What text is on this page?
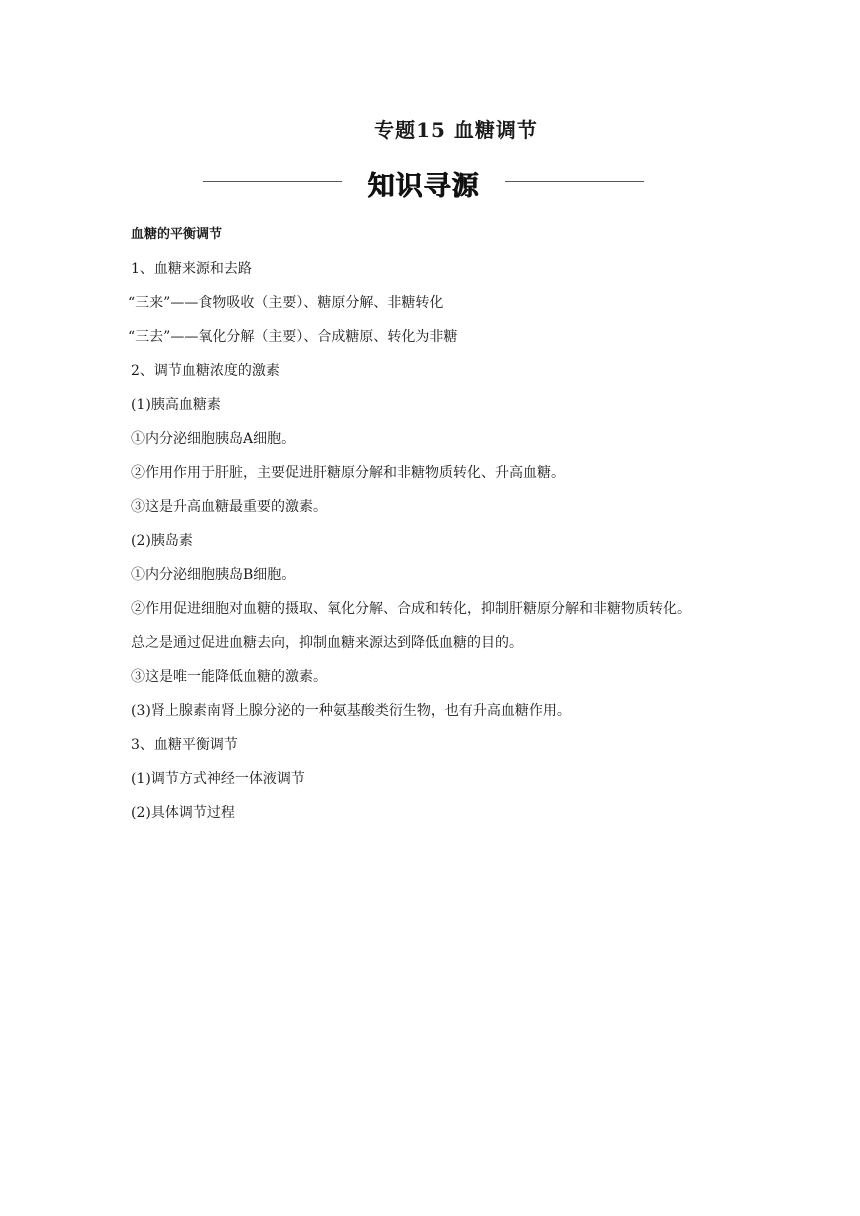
专题15 血糖调节
知识寻源
血糖的平衡调节
1、血糖来源和去路
“三来”——食物吸收（主要）、糖原分解、非糖转化
“三去”——氧化分解（主要）、合成糖原、转化为非糖
2、调节血糖浓度的激素
(1)胰高血糖素
①内分泌细胞胰岛A细胞。
②作用作用于肝脏，主要促进肝糖原分解和非糖物质转化、升高血糖。
③这是升高血糖最重要的激素。
(2)胰岛素
①内分泌细胞胰岛B细胞。
②作用促进细胞对血糖的摄取、氧化分解、合成和转化，抑制肝糖原分解和非糖物质转化。
总之是通过促进血糖去向，抑制血糖来源达到降低血糖的目的。
③这是唯一能降低血糖的激素。
(3)肾上腺素南肾上腺分泌的一种氨基酸类衍生物，也有升高血糖作用。
3、血糖平衡调节
(1)调节方式神经一体液调节
(2)具体调节过程
